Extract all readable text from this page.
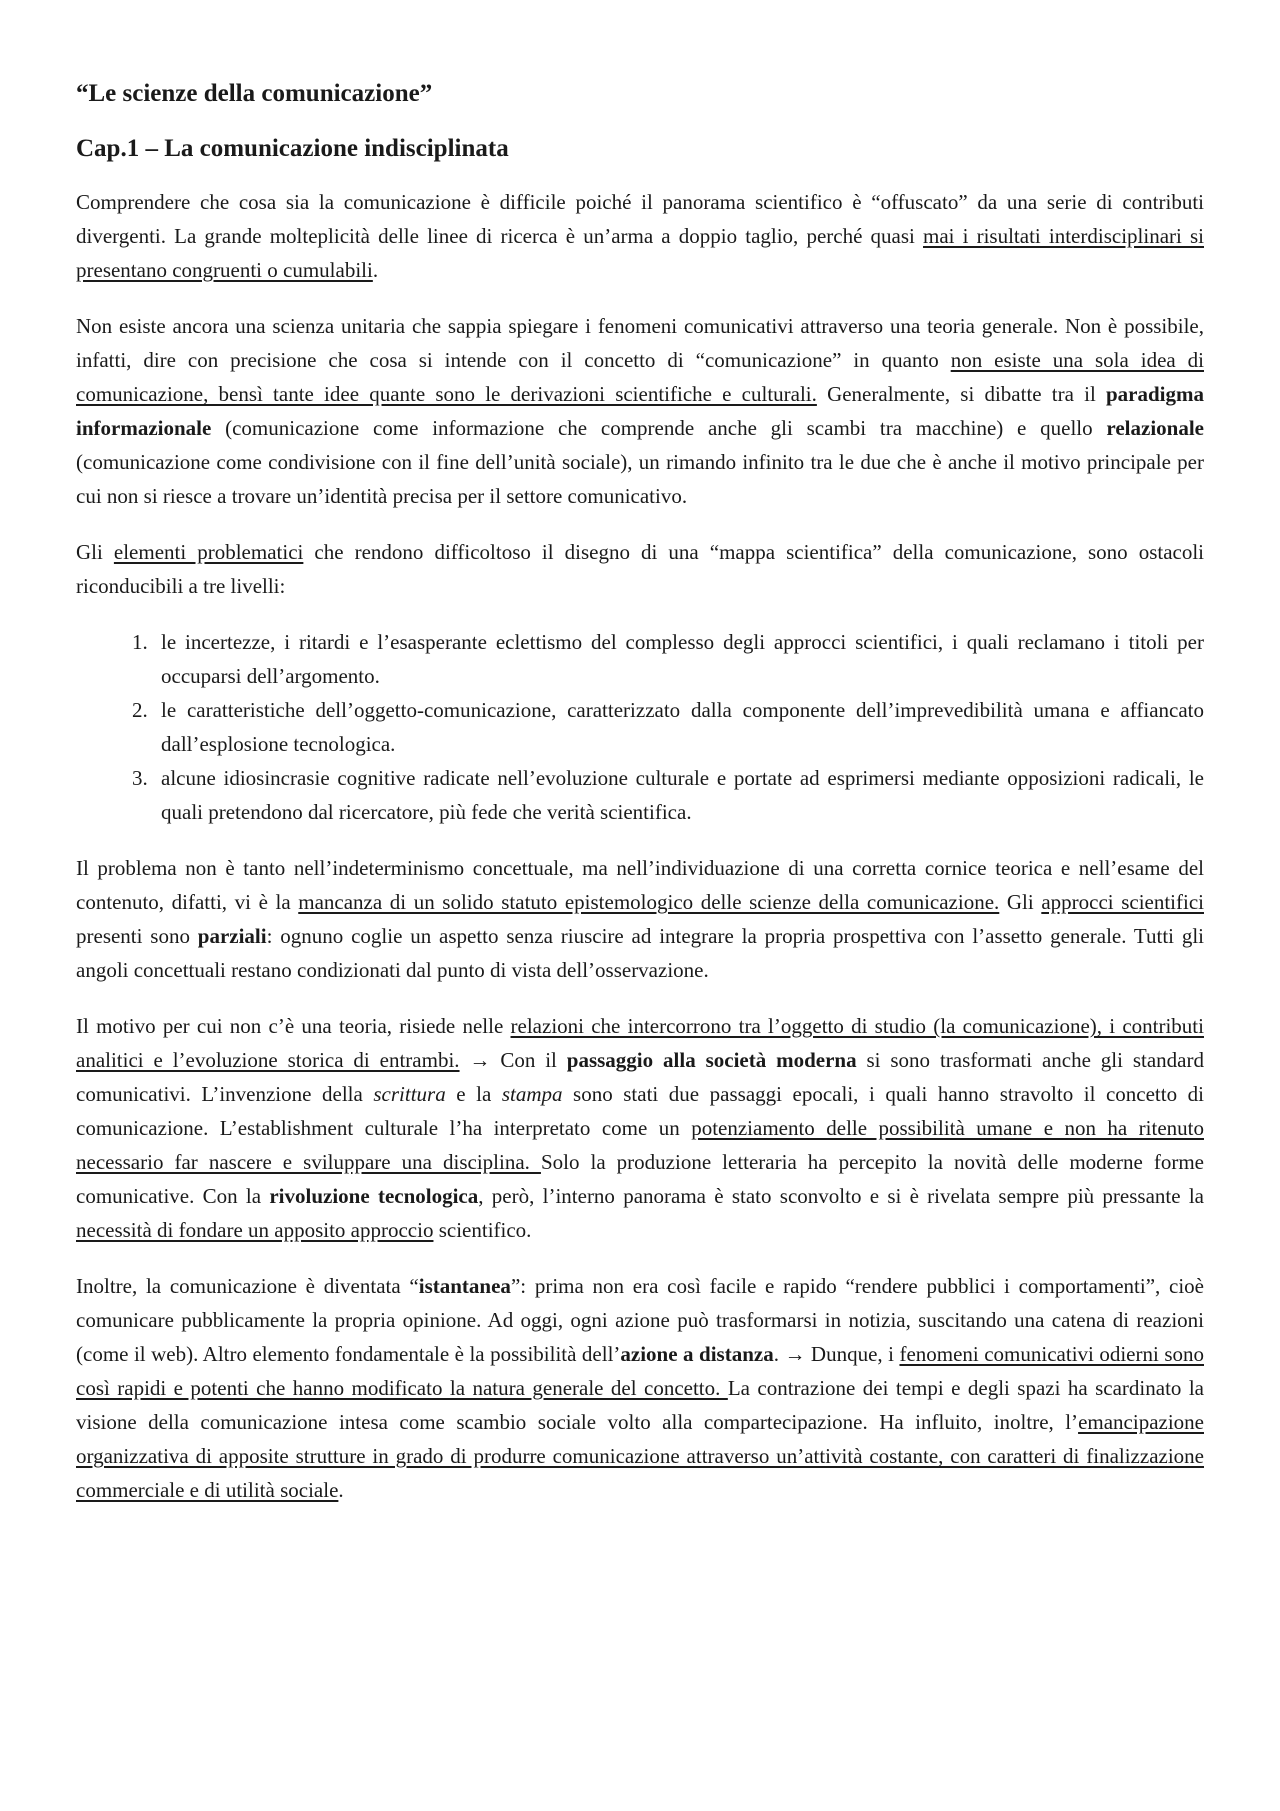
“Le scienze della comunicazione”
Cap.1 – La comunicazione indisciplinata

Comprendere che cosa sia la comunicazione è difficile poiché il panorama scientifico è “offuscato” da una serie di contributi divergenti. La grande molteplicità delle linee di ricerca è un’arma a doppio taglio, perché quasi mai i risultati interdisciplinari si presentano congruenti o cumulabili.

Non esiste ancora una scienza unitaria che sappia spiegare i fenomeni comunicativi attraverso una teoria generale. Non è possibile, infatti, dire con precisione che cosa si intende con il concetto di “comunicazione” in quanto non esiste una sola idea di comunicazione, bensì tante idee quante sono le derivazioni scientifiche e culturali. Generalmente, si dibatte tra il paradigma informazionale (comunicazione come informazione che comprende anche gli scambi tra macchine) e quello relazionale (comunicazione come condivisione con il fine dell’unità sociale), un rimando infinito tra le due che è anche il motivo principale per cui non si riesce a trovare un’identità precisa per il settore comunicativo.

Gli elementi problematici che rendono difficoltoso il disegno di una “mappa scientifica” della comunicazione, sono ostacoli riconducibili a tre livelli:

1. le incertezze, i ritardi e l’esasperante eclettismo del complesso degli approcci scientifici, i quali reclamano i titoli per occuparsi dell’argomento.
2. le caratteristiche dell’oggetto-comunicazione, caratterizzato dalla componente dell’imprevedibilità umana e affiancato dall’esplosione tecnologica.
3. alcune idiosincrasie cognitive radicate nell’evoluzione culturale e portate ad esprimersi mediante opposizioni radicali, le quali pretendono dal ricercatore, più fede che verità scientifica.

Il problema non è tanto nell’indeterminismo concettuale, ma nell’individuazione di una corretta cornice teorica e nell’esame del contenuto, difatti, vi è la mancanza di un solido statuto epistemologico delle scienze della comunicazione. Gli approcci scientifici presenti sono parziali: ognuno coglie un aspetto senza riuscire ad integrare la propria prospettiva con l’assetto generale. Tutti gli angoli concettuali restano condizionati dal punto di vista dell’osservazione.

Il motivo per cui non c’è una teoria, risiede nelle relazioni che intercorrono tra l’oggetto di studio (la comunicazione), i contributi analitici e l’evoluzione storica di entrambi. → Con il passaggio alla società moderna si sono trasformati anche gli standard comunicativi. L’invenzione della scrittura e la stampa sono stati due passaggi epocali, i quali hanno stravolto il concetto di comunicazione. L’establishment culturale l’ha interpretato come un potenziamento delle possibilità umane e non ha ritenuto necessario far nascere e sviluppare una disciplina. Solo la produzione letteraria ha percepito la novità delle moderne forme comunicative. Con la rivoluzione tecnologica, però, l’interno panorama è stato sconvolto e si è rivelata sempre più pressante la necessità di fondare un apposito approccio scientifico.

Inoltre, la comunicazione è diventata “istantanea”: prima non era così facile e rapido “rendere pubblici i comportamenti”, cioè comunicare pubblicamente la propria opinione. Ad oggi, ogni azione può trasformarsi in notizia, suscitando una catena di reazioni (come il web). Altro elemento fondamentale è la possibilità dell’azione a distanza. → Dunque, i fenomeni comunicativi odierni sono così rapidi e potenti che hanno modificato la natura generale del concetto. La contrazione dei tempi e degli spazi ha scardinato la visione della comunicazione intesa come scambio sociale volto alla compartecipazione. Ha influito, inoltre, l’emancipazione organizzativa di apposite strutture in grado di produrre comunicazione attraverso un’attività costante, con caratteri di finalizzazione commerciale e di utilità sociale.
